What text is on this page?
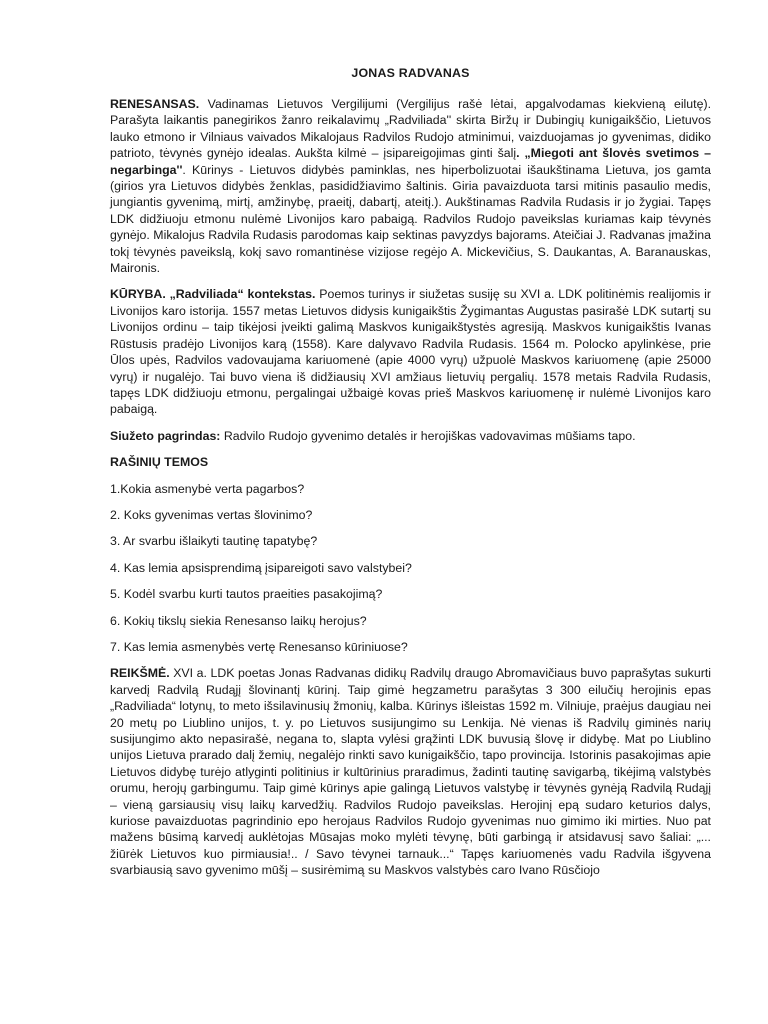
JONAS RADVANAS

RENESANSAS. Vadinamas Lietuvos Vergilijumi (Vergilijus rašė lėtai, apgalvodamas kiekvieną eilutę). Parašyta laikantis panegirikos žanro reikalavimų „Radviliada'' skirta Biržų ir Dubingių kunigaikščio, Lietuvos lauko etmono ir Vilniaus vaivados Mikalojaus Radvilos Rudojo atminimui, vaizduojamas jo gyvenimas, didiko patrioto, tėvynės gynėjo idealas. Aukšta kilmė – įsipareigojimas ginti šalį. „Miegoti ant šlovės svetimos – negarbinga''. Kūrinys - Lietuvos didybės paminklas, nes hiperbolizuotai išaukštinama Lietuva, jos gamta (girios yra Lietuvos didybės ženklas, pasididžiavimo šaltinis. Giria pavaizduota tarsi mitinis pasaulio medis, jungiantis gyvenimą, mirtį, amžinybę, praeitį, dabartį, ateitį.). Aukštinamas Radvila Rudasis ir jo žygiai. Tapęs LDK didžiuoju etmonu nulėmė Livonijos karo pabaigą. Radvilos Rudojo paveikslas kuriamas kaip tėvynės gynėjo. Mikalojus Radvila Rudasis parodomas kaip sektinas pavyzdys bajorams. Ateičiai J. Radvanas įmažina tokį tėvynės paveikslą, kokį savo romantinėse vizijose regėjo A. Mickevičius, S. Daukantas, A. Baranauskas, Maironis.

KŪRYBA. „Radviliada“ kontekstas. Poemos turinys ir siužetas susiję su XVI a. LDK politinėmis realijomis ir Livonijos karo istorija. 1557 metas Lietuvos didysis kunigaikštis Žygimantas Augustas pasirašė LDK sutartį su Livonijos ordinu – taip tikėjosi įveikti galimą Maskvos kunigaikštystės agresiją. Maskvos kunigaikštis Ivanas Rūstusis pradėjo Livonijos karą (1558). Kare dalyvavo Radvila Rudasis. 1564 m. Polocko apylinkėse, prie Ūlos upės, Radvilos vadovaujama kariuomenė (apie 4000 vyrų) užpuolė Maskvos kariuomenę (apie 25000 vyrų) ir nugalėjo. Tai buvo viena iš didžiausių XVI amžiaus lietuvių pergalių. 1578 metais Radvila Rudasis, tapęs LDK didžiuoju etmonu, pergalingai užbaigė kovas prieš Maskvos kariuomenę ir nulėmė Livonijos karo pabaigą.

Siužeto pagrindas: Radvilo Rudojo gyvenimo detalės ir herojiškas vadovavimas mūšiams tapo.

RAŠINIŲ TEMOS
1.Kokia asmenybė verta pagarbos?
2. Koks gyvenimas vertas šlovinimo?
3. Ar svarbu išlaikyti tautinę tapatybę?
4. Kas lemia apsisprendimą įsipareigoti savo valstybei?
5. Kodėl svarbu kurti tautos praeities pasakojimą?
6. Kokių tikslų siekia Renesanso laikų herojus?
7. Kas lemia asmenybės vertę Renesanso kūriniuose?

REIKŠMĖ. XVI a. LDK poetas Jonas Radvanas didikų Radvilų draugo Abromavičiaus buvo paprašytas sukurti karvedį Radvilą Rudąjį šlovinantį kūrinį. Taip gimė hegzametru parašytas 3 300 eilučių herojinis epas „Radviliada“ lotynų, to meto išsilavinusių žmonių, kalba. Kūrinys išleistas 1592 m. Vilniuje, praėjus daugiau nei 20 metų po Liublino unijos, t. y. po Lietuvos susijungimo su Lenkija. Nė vienas iš Radvilų giminės narių susijungimo akto nepasirašė, negana to, slapta vylėsi grąžinti LDK buvusią šlovę ir didybę. Mat po Liublino unijos Lietuva prarado dalį žemių, negalėjo rinkti savo kunigaikščio, tapo provincija. Istorinis pasakojimas apie Lietuvos didybę turėjo atlyginti politinius ir kultūrinius praradimus, žadinti tautinę savigarbą, tikėjimą valstybės orumu, herojų garbingumu. Taip gimė kūrinys apie galingą Lietuvos valstybę ir tėvynės gynėją Radvilą Rudąjį – vieną garsiausių visų laikų karvedžių. Radvilos Rudojo paveikslas. Herojinį epą sudaro keturios dalys, kuriose pavaizduotas pagrindinio epo herojaus Radvilos Rudojo gyvenimas nuo gimimo iki mirties. Nuo pat mažens būsimą karvedį auklėtojas Mūsajas moko mylėti tėvynę, būti garbingą ir atsidavusį savo šaliai: „... žiūrėk Lietuvos kuo pirmiausia!.. / Savo tėvynei tarnauk...“ Tapęs kariuomenės vadu Radvila išgyvena svarbiausią savo gyvenimo mūšį – susirėmimą su Maskvos valstybės caro Ivano Rūsčiojo
